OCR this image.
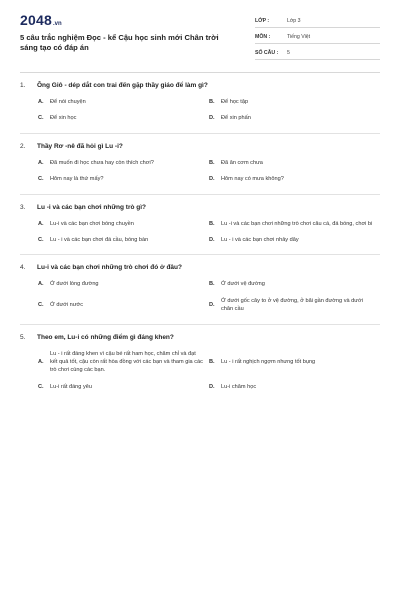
2048 .vn
5 câu trắc nghiệm Đọc - kể Cậu học sinh mới Chân trời sáng tạo có đáp án
LỚP :	Lớp 3
MÔN :	Tiếng Việt
SỐ CÂU :	5
1.	Ông Giô - dép dắt con trai đến gặp thầy giáo để làm gì?
A.	Để nói chuyện	B.	Để học tập
C.	Để xin học	D.	Để xin phấn
2.	Thầy Rơ -nê đã hỏi gì Lu -i?
A.	Đã muốn đi học chưa hay còn thích chơi?	B.	Đã ăn cơm chưa
C.	Hôm nay là thứ mấy?	D.	Hôm nay có mưa không?
3.	Lu -i và các bạn chơi những trò gì?
A.	Lu-i và các bạn chơi bóng chuyền	B.	Lu -i và các bạn chơi những trò chơi câu cá, đá bóng, chơi bi
C.	Lu - i và các bạn chơi đá cầu, bóng bàn	D.	Lu - i và các bạn chơi nhảy dây
4.	Lu-i và các bạn chơi những trò chơi đó ở đâu?
A.	Ở dưới lòng đường	B.	Ở dưới vệ đường
C.	Ở dưới nước	D.
Ở dưới gốc cây to ở vệ đường, ở bãi gần đường và dưới chân cầu
5.	Theo em, Lu-i có những điểm gì đáng khen?
A.
Lu - i rất đáng khen vì cậu bé rất ham học, chăm chỉ và đạt kết quả tốt, cậu còn rất hòa đồng với các bạn và tham gia các trò chơi cùng các bạn.
B.	Lu - i rất nghịch ngợm nhưng tốt bụng
C.	Lu-i rất đáng yêu	D.	Lu-i chăm học
